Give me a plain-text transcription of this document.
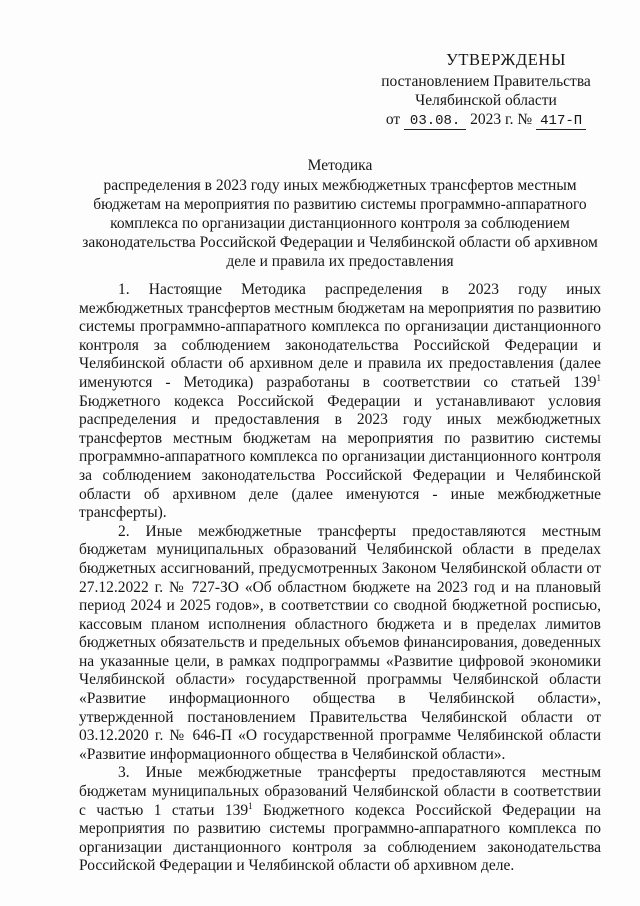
УТВЕРЖДЕНЫ
постановлением Правительства
Челябинской области
от 03.08. 2023 г. № 417-П
Методика
распределения в 2023 году иных межбюджетных трансфертов местным бюджетам на мероприятия по развитию системы программно-аппаратного комплекса по организации дистанционного контроля за соблюдением законодательства Российской Федерации и Челябинской области об архивном деле и правила их предоставления

1. Настоящие Методика распределения в 2023 году иных межбюджетных трансфертов местным бюджетам на мероприятия по развитию системы программно-аппаратного комплекса по организации дистанционного контроля за соблюдением законодательства Российской Федерации и Челябинской области об архивном деле и правила их предоставления (далее именуются - Методика) разработаны в соответствии со статьей $139^1$ Бюджетного кодекса Российской Федерации и устанавливают условия распределения и предоставления в 2023 году иных межбюджетных трансфертов местным бюджетам на мероприятия по развитию системы программно-аппаратного комплекса по организации дистанционного контроля за соблюдением законодательства Российской Федерации и Челябинской области об архивном деле (далее именуются - иные межбюджетные трансферты).

2. Иные межбюджетные трансферты предоставляются местным бюджетам муниципальных образований Челябинской области в пределах бюджетных ассигнований, предусмотренных Законом Челябинской области от 27.12.2022 г. № 727-ЗО «Об областном бюджете на 2023 год и на плановый период 2024 и 2025 годов», в соответствии со сводной бюджетной росписью, кассовым планом исполнения областного бюджета и в пределах лимитов бюджетных обязательств и предельных объемов финансирования, доведенных на указанные цели, в рамках подпрограммы «Развитие цифровой экономики Челябинской области» государственной программы Челябинской области «Развитие информационного общества в Челябинской области», утвержденной постановлением Правительства Челябинской области от 03.12.2020 г. № 646-П «О государственной программе Челябинской области «Развитие информационного общества в Челябинской области».

3. Иные межбюджетные трансферты предоставляются местным бюджетам муниципальных образований Челябинской области в соответствии с частью 1 статьи $139^1$ Бюджетного кодекса Российской Федерации на мероприятия по развитию системы программно-аппаратного комплекса по организации дистанционного контроля за соблюдением законодательства Российской Федерации и Челябинской области об архивном деле.
